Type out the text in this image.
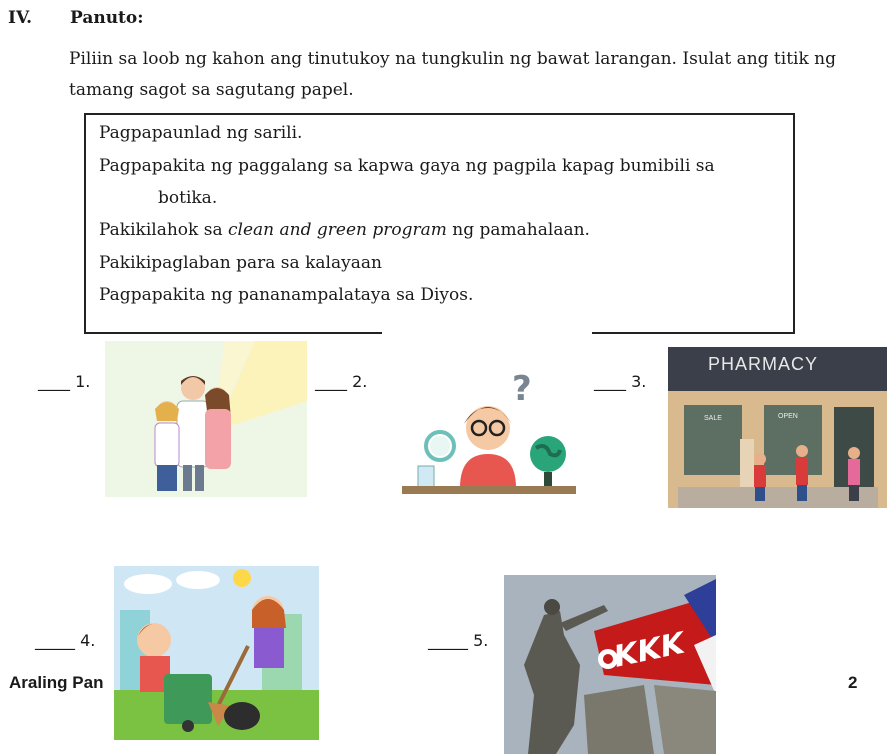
IV. Panuto:
Piliin sa loob ng kahon ang tinutukoy na tungkulin ng bawat larangan. Isulat ang titik ng
tamang sagot sa sagutang papel.
Pagpapaunlad ng sarili.
Pagpapakita ng paggalang sa kapwa gaya ng pagpila kapag bumibili sa
botika.
Pakikilahok sa clean and green program ng pamahalaan.
Pakikipaglaban para sa kalayaan
Pagpapakita ng pananampalataya sa Diyos.
____ 1.	____ 2.	____ 3.
_____ 4.	_____ 5.
?
PHARMACY
OPEN
SALE
KKK
Araling Pan	2
